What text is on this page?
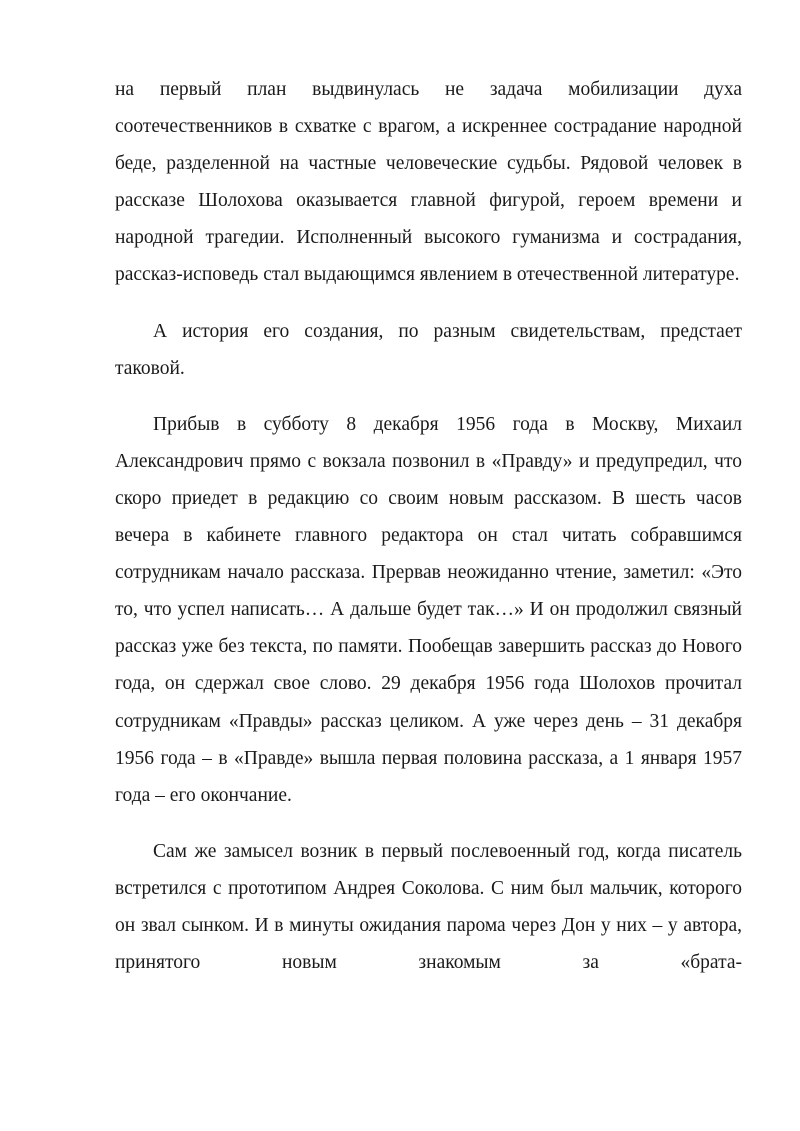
на первый план выдвинулась не задача мобилизации духа соотечественников в схватке с врагом, а искреннее сострадание народной беде, разделенной на частные человеческие судьбы. Рядовой человек в рассказе Шолохова оказывается главной фигурой, героем времени и народной трагедии. Исполненный высокого гуманизма и сострадания, рассказ-исповедь стал выдающимся явлением в отечественной литературе.

А история его создания, по разным свидетельствам, предстает таковой.

Прибыв в субботу 8 декабря 1956 года в Москву, Михаил Александрович прямо с вокзала позвонил в «Правду» и предупредил, что скоро приедет в редакцию со своим новым рассказом. В шесть часов вечера в кабинете главного редактора он стал читать собравшимся сотрудникам начало рассказа. Прервав неожиданно чтение, заметил: «Это то, что успел написать… А дальше будет так…» И он продолжил связный рассказ уже без текста, по памяти. Пообещав завершить рассказ до Нового года, он сдержал свое слово. 29 декабря 1956 года Шолохов прочитал сотрудникам «Правды» рассказ целиком. А уже через день – 31 декабря 1956 года – в «Правде» вышла первая половина рассказа, а 1 января 1957 года – его окончание.

Сам же замысел возник в первый послевоенный год, когда писатель встретился с прототипом Андрея Соколова. С ним был мальчик, которого он звал сынком. И в минуты ожидания парома через Дон у них – у автора, принятого новым знакомым за «брата-
